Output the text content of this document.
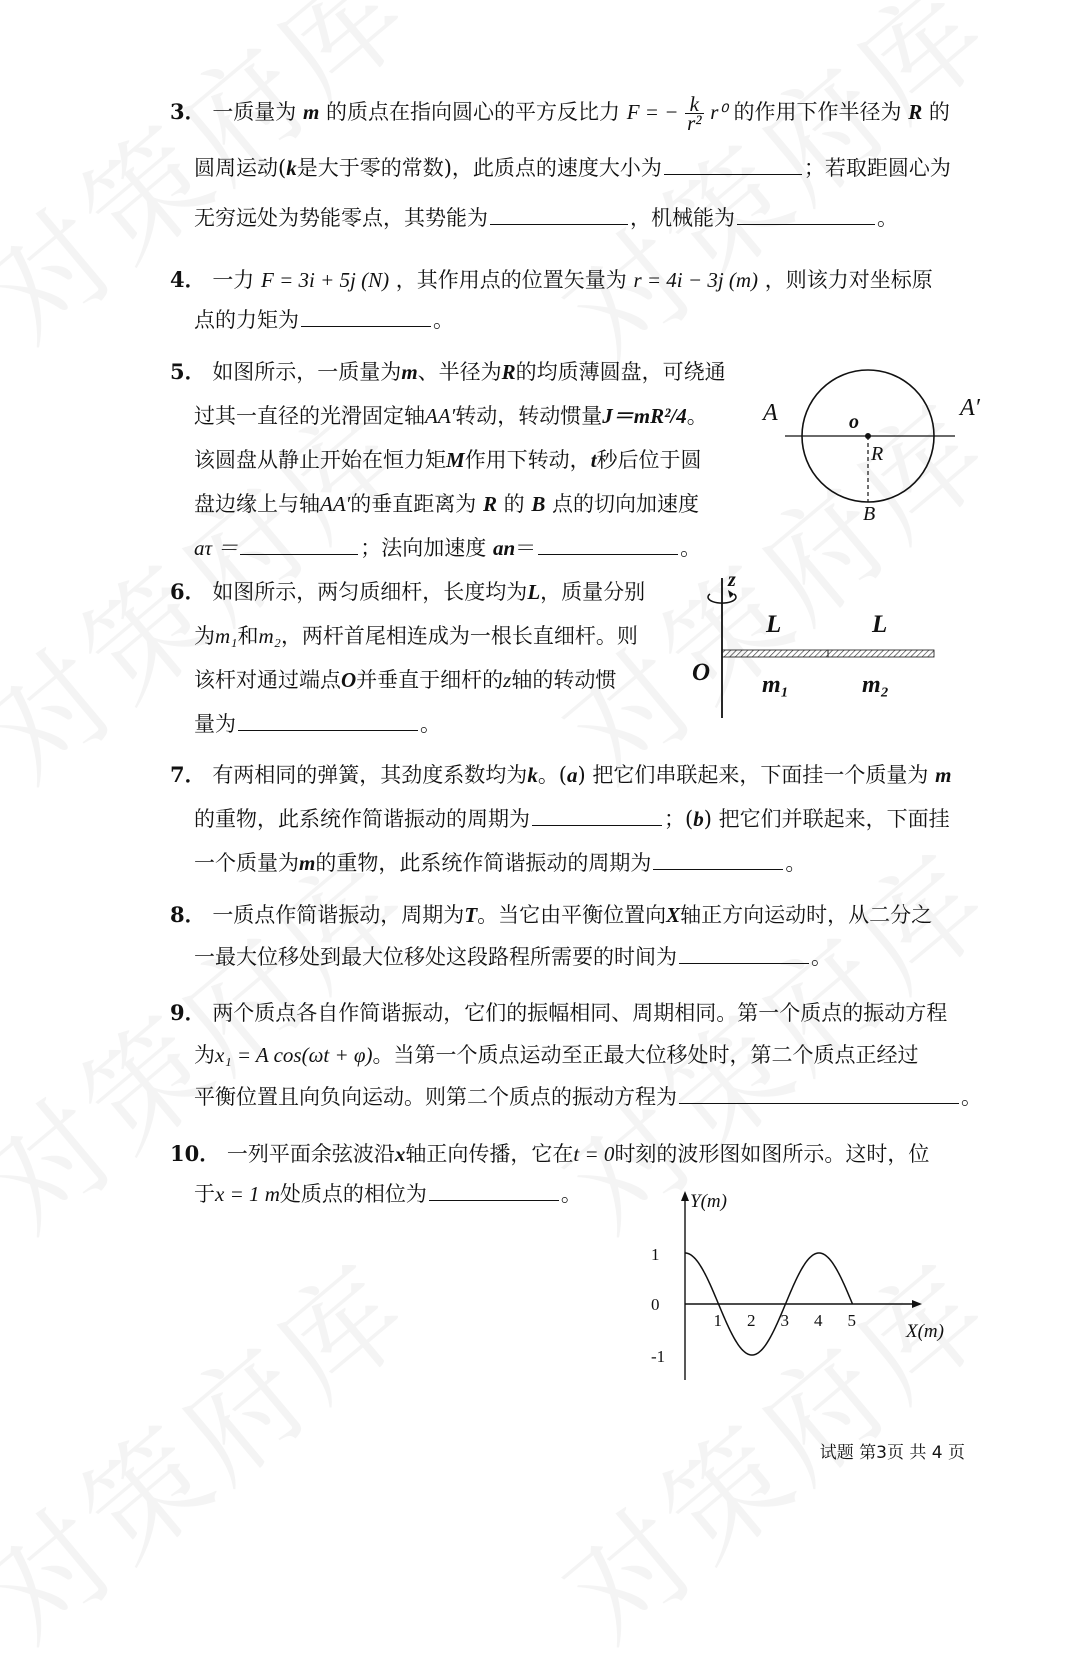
3． 一质量为 m 的质点在指向圆心的平方反比力 F = − $\frac{k}{\text{r²}} r^0$ 的作用下作半径为 R 的
圆周运动(k是大于零的常数)，此质点的速度大小为	；若取距圆心为
无穷远处为势能零点，其势能为	，机械能为	。
4． 一力 F = 3i + 5j (N) ，其作用点的位置矢量为 r = 4i − 3j (m) ，则该力对坐标原
点的力矩为	。
5． 如图所示，一质量为m、半径为R的均质薄圆盘，可绕通
过其一直径的光滑固定轴AA′转动，转动惯量J＝mR²/4。
该圆盘从静止开始在恒力矩M作用下转动，t秒后位于圆
盘边缘上与轴AA′的垂直距离为 R 的 B 点的切向加速度
aτ ＝	；法向加速度 an＝	。
A	A′
o
R
B
6． 如图所示，两匀质细杆，长度均为L，质量分别
为m₁和m₂，两杆首尾相连成为一根长直细杆。则
该杆对通过端点O并垂直于细杆的z轴的转动惯
量为	。
z
L	L
O m₁	m₂
7． 有两相同的弹簧，其劲度系数均为k。(a) 把它们串联起来，下面挂一个质量为 m
的重物，此系统作简谐振动的周期为	；(b) 把它们并联起来，下面挂
一个质量为m的重物，此系统作简谐振动的周期为	。
8． 一质点作简谐振动，周期为T。当它由平衡位置向X轴正方向运动时，从二分之
一最大位移处到最大位移处这段路程所需要的时间为	。
9． 两个质点各自作简谐振动，它们的振幅相同、周期相同。第一个质点的振动方程
为x₁ = A cos(ωt + φ)。当第一个质点运动至正最大位移处时，第二个质点正经过
平衡位置且向负向运动。则第二个质点的振动方程为	。
10． 一列平面余弦波沿x轴正向传播，它在t = 0时刻的波形图如图所示。这时，位
于x = 1 m处质点的相位为	。	Y(m)
X(m)
1 2 3 4 5
1
0
-1
试题 第3页 共 4 页
